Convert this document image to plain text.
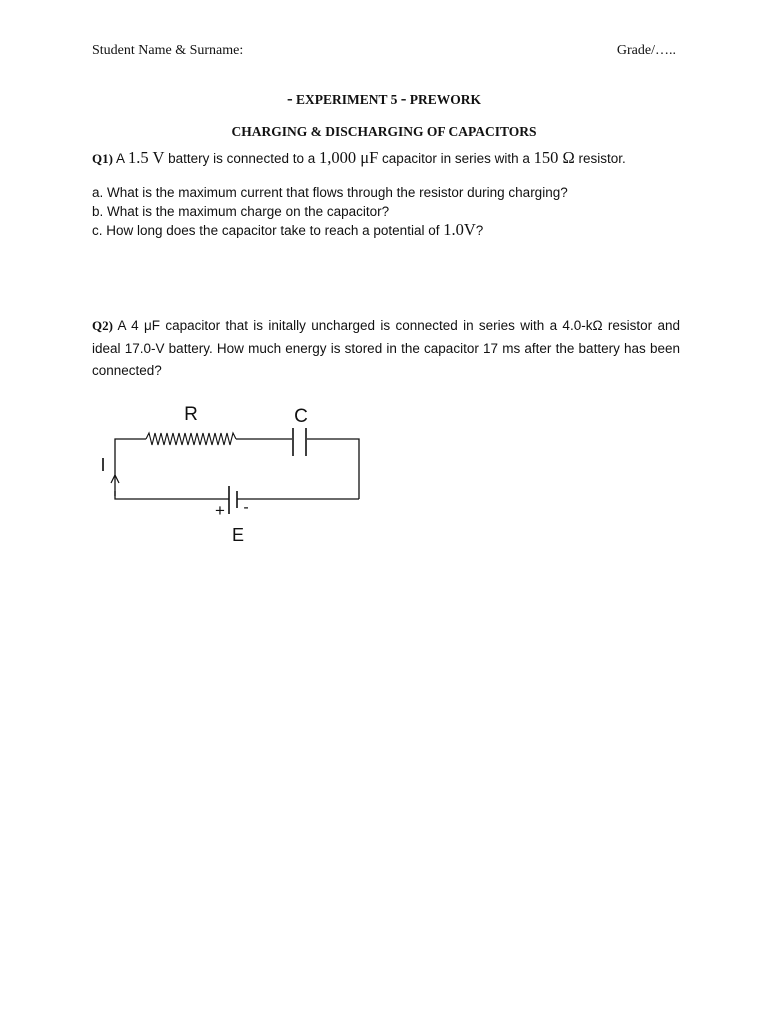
Student Name & Surname:	Grade/…..
- EXPERIMENT 5 - PREWORK
CHARGING & DISCHARGING OF CAPACITORS
Q1) A 1.5 V battery is connected to a 1,000 μF capacitor in series with a 150 Ω resistor.
a. What is the maximum current that flows through the resistor during charging?
b. What is the maximum charge on the capacitor?
c. How long does the capacitor take to reach a potential of 1.0V?
Q2) A 4 μF capacitor that is initally uncharged is connected in series with a 4.0-kΩ resistor and ideal 17.0-V battery. How much energy is stored in the capacitor 17 ms after the battery has been connected?
R	C
I
+ -
E
